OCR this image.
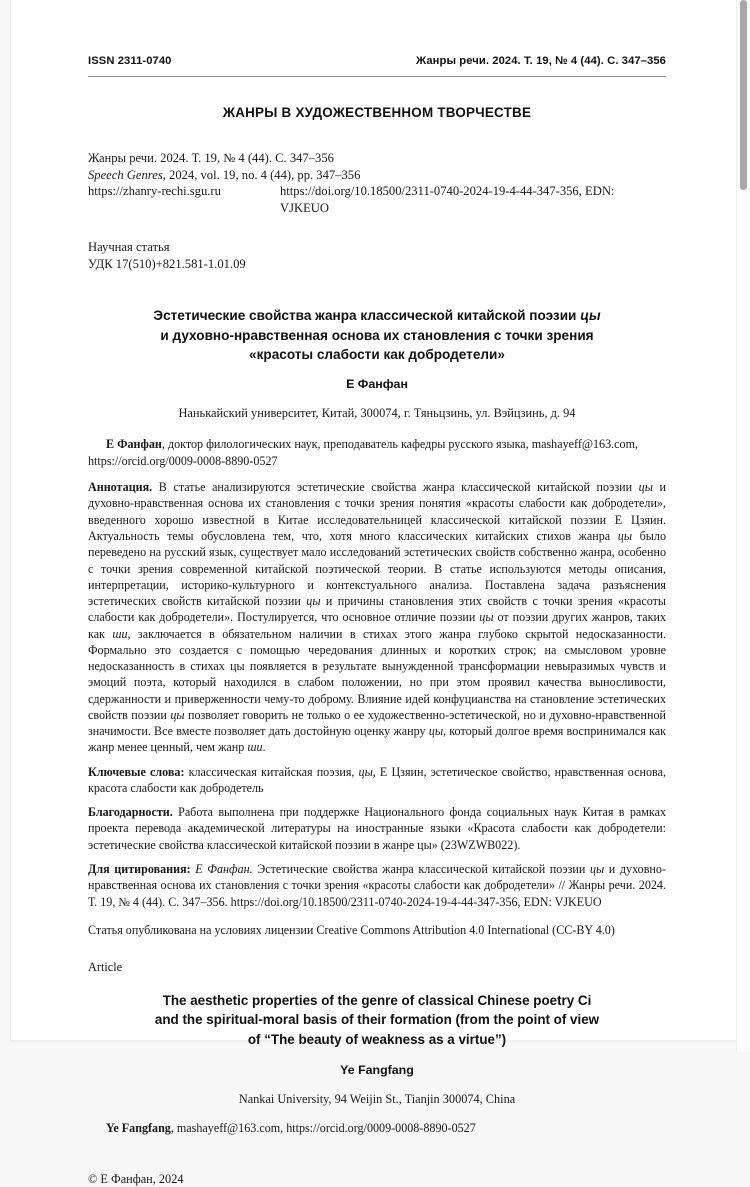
ISSN 2311-0740	Жанры речи. 2024. Т. 19, № 4 (44). С. 347–356
ЖАНРЫ В ХУДОЖЕСТВЕННОМ ТВОРЧЕСТВЕ
Жанры речи. 2024. Т. 19, № 4 (44). С. 347–356
Speech Genres, 2024, vol. 19, no. 4 (44), pp. 347–356
https://zhanry-rechi.sgu.ru	https://doi.org/10.18500/2311-0740-2024-19-4-44-347-356, EDN: VJKEUO
Научная статья
УДК 17(510)+821.581-1.01.09
Эстетические свойства жанра классической китайской поэзии цы
и духовно-нравственная основа их становления с точки зрения
«красоты слабости как добродетели»
Е Фанфан
Нанькайский университет, Китай, 300074, г. Тяньцзинь, ул. Вэйцзинь, д. 94
Е Фанфан, доктор филологических наук, преподаватель кафедры русского языка, mashayeff@163.com, https://orcid.org/0009-0008-8890-0527
Аннотация. В статье анализируются эстетические свойства жанра классической китайской поэзии цы и духовно-нравственная основа их становления с точки зрения понятия «красоты слабости как добродетели», введенного хорошо известной в Китае исследовательницей классической китайской поэзии Е Цзяин. Актуальность темы обусловлена тем, что, хотя много классических китайских стихов жанра цы было переведено на русский язык, существует мало исследований эстетических свойств собственно жанра, особенно с точки зрения современной китайской поэтической теории. В статье используются методы описания, интерпретации, историко-культурного и контекстуального анализа. Поставлена задача разъяснения эстетических свойств китайской поэзии цы и причины становления этих свойств с точки зрения «красоты слабости как добродетели». Постулируется, что основное отличие поэзии цы от поэзии других жанров, таких как ши, заключается в обязательном наличии в стихах этого жанра глубоко скрытой недосказанности. Формально это создается с помощью чередования длинных и коротких строк; на смысловом уровне недосказанность в стихах цы появляется в результате вынужденной трансформации невыразимых чувств и эмоций поэта, который находился в слабом положении, но при этом проявил качества выносливости, сдержанности и приверженности чему-то доброму. Влияние идей конфуцианства на становление эстетических свойств поэзии цы позволяет говорить не только о ее художественно-эстетической, но и духовно-нравственной значимости. Все вместе позволяет дать достойную оценку жанру цы, который долгое время воспринимался как жанр менее ценный, чем жанр ши.
Ключевые слова: классическая китайская поэзия, цы, Е Цзяин, эстетическое свойство, нравственная основа, красота слабости как добродетель
Благодарности. Работа выполнена при поддержке Национального фонда социальных наук Китая в рамках проекта перевода академической литературы на иностранные языки «Красота слабости как добродетели: эстетические свойства классической китайской поэзии в жанре цы» (23WZWB022).
Для цитирования: Е Фанфан. Эстетические свойства жанра классической китайской поэзии цы и духовно-нравственная основа их становления с точки зрения «красоты слабости как добродетели» // Жанры речи. 2024. Т. 19, № 4 (44). С. 347–356. https://doi.org/10.18500/2311-0740-2024-19-4-44-347-356, EDN: VJKEUO
Статья опубликована на условиях лицензии Creative Commons Attribution 4.0 International (CC-BY 4.0)
Article
The aesthetic properties of the genre of classical Chinese poetry Ci
and the spiritual-moral basis of their formation (from the point of view
of “The beauty of weakness as a virtue”)
Ye Fangfang
Nankai University, 94 Weijin St., Tianjin 300074, China
Ye Fangfang, mashayeff@163.com, https://orcid.org/0009-0008-8890-0527
© Е Фанфан, 2024
